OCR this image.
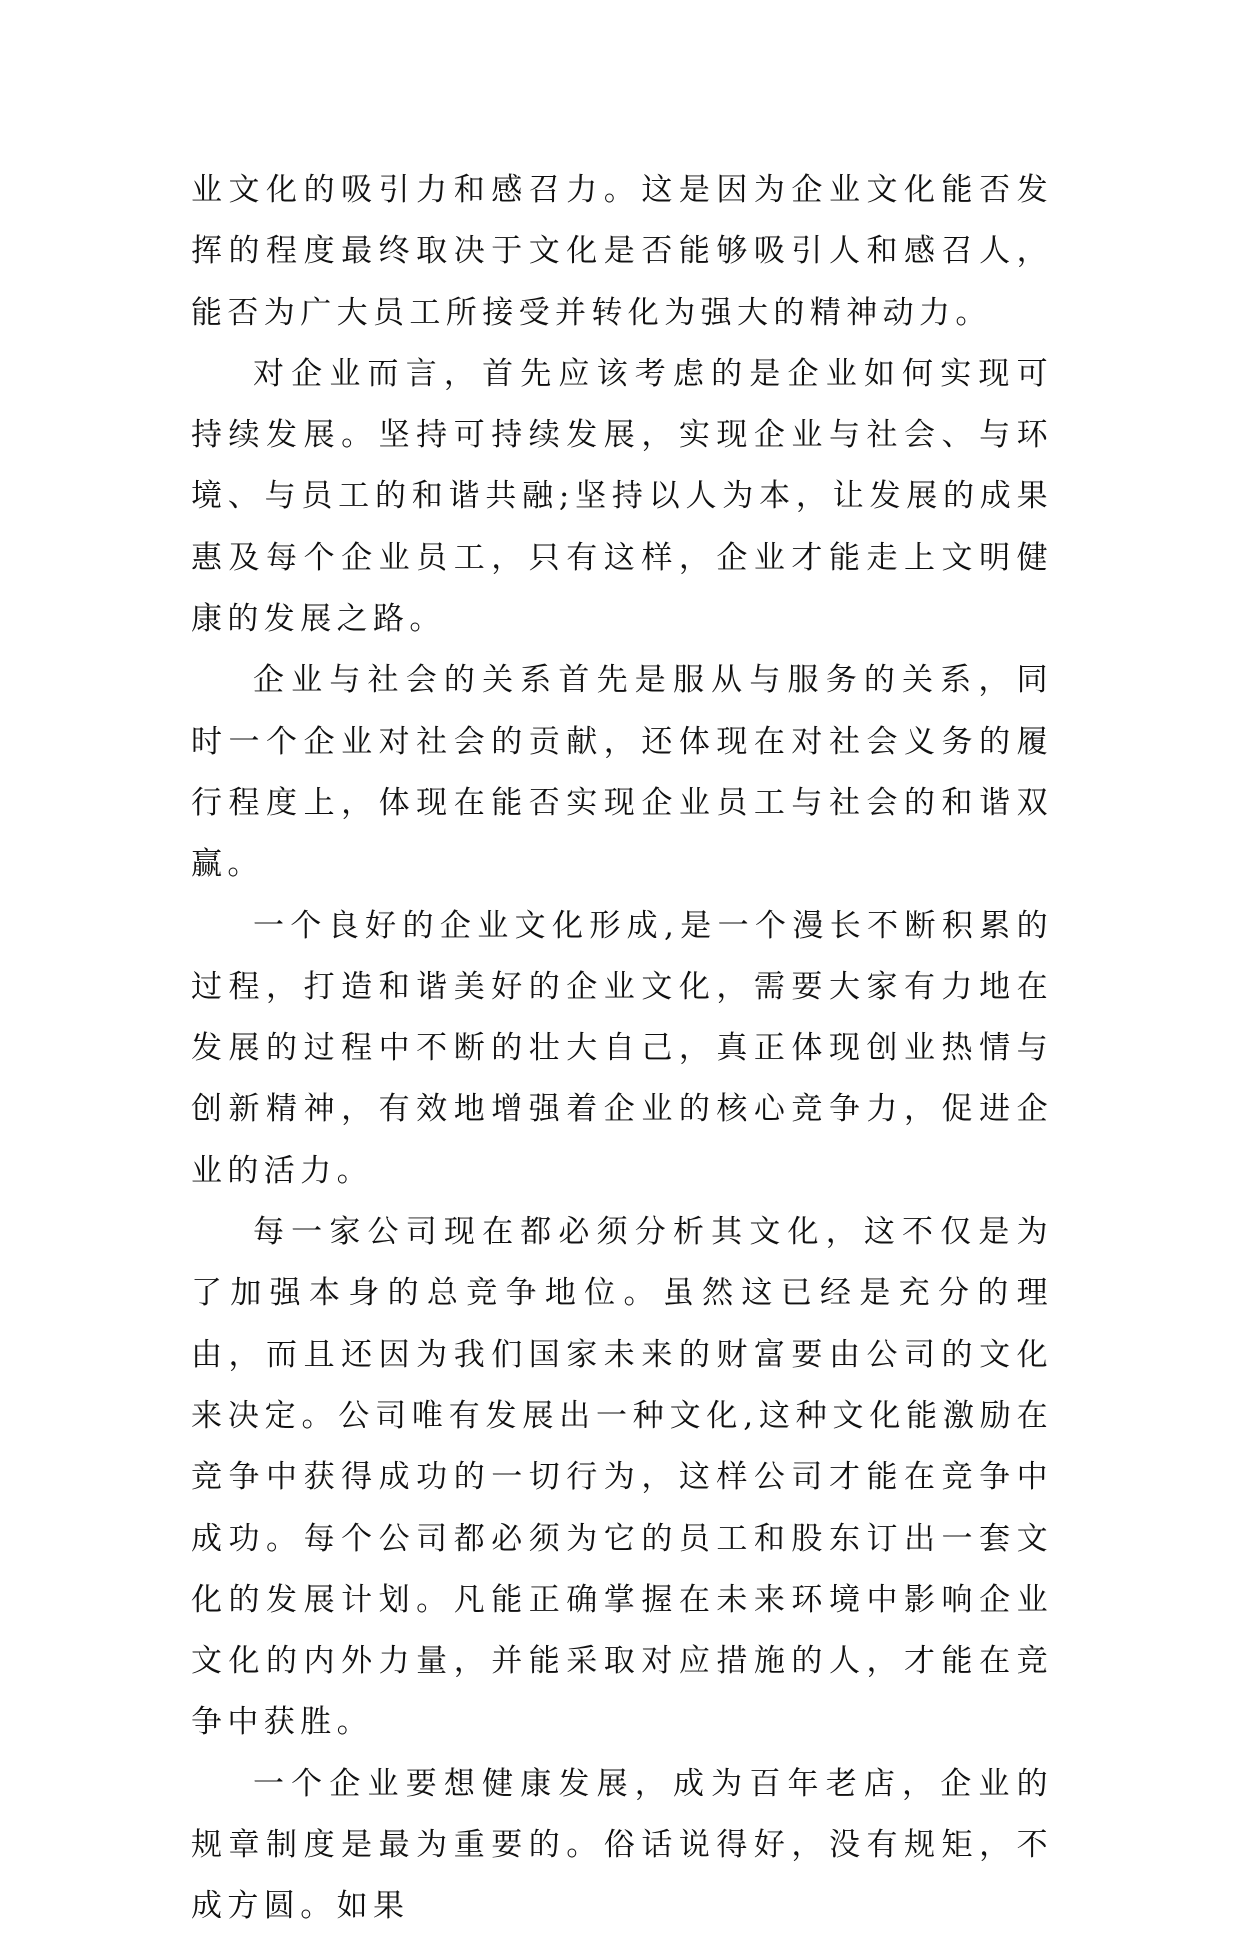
业文化的吸引力和感召力。这是因为企业文化能否发挥的程度最终取决于文化是否能够吸引人和感召人，能否为广大员工所接受并转化为强大的精神动力。

对企业而言，首先应该考虑的是企业如何实现可持续发展。坚持可持续发展，实现企业与社会、与环境、与员工的和谐共融;坚持以人为本，让发展的成果惠及每个企业员工，只有这样，企业才能走上文明健康的发展之路。

企业与社会的关系首先是服从与服务的关系，同时一个企业对社会的贡献，还体现在对社会义务的履行程度上，体现在能否实现企业员工与社会的和谐双赢。

一个良好的企业文化形成,是一个漫长不断积累的过程，打造和谐美好的企业文化，需要大家有力地在发展的过程中不断的壮大自己，真正体现创业热情与创新精神，有效地增强着企业的核心竞争力，促进企业的活力。

每一家公司现在都必须分析其文化，这不仅是为了加强本身的总竞争地位。虽然这已经是充分的理由，而且还因为我们国家未来的财富要由公司的文化来决定。公司唯有发展出一种文化,这种文化能激励在竞争中获得成功的一切行为，这样公司才能在竞争中成功。每个公司都必须为它的员工和股东订出一套文化的发展计划。凡能正确掌握在未来环境中影响企业文化的内外力量，并能采取对应措施的人，才能在竞争中获胜。

一个企业要想健康发展，成为百年老店，企业的规章制度是最为重要的。俗话说得好，没有规矩，不成方圆。如果
